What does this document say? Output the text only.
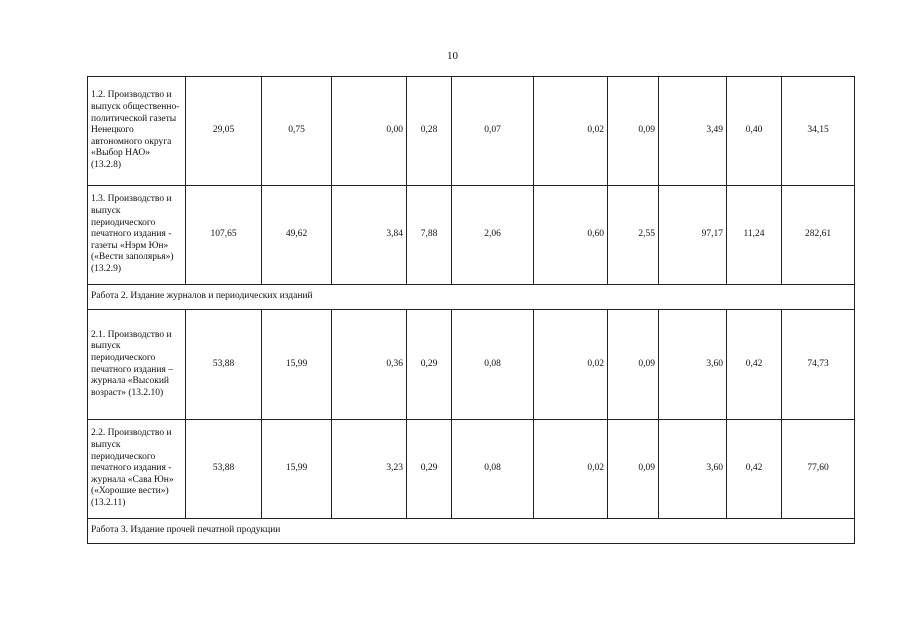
10
1.2. Производство и выпуск общественно-политической газеты Ненецкого автономного округа «Выбор НАО» (13.2.8)	29,05	0,75	0,00	0,28	0,07	0,02	0,09	3,49	0,40	34,15
1.3. Производство и выпуск периодического печатного издания - газеты «Нэрм Юн» («Вести заполярья») (13.2.9)	107,65	49,62	3,84	7,88	2,06	0,60	2,55	97,17	11,24	282,61
Работа 2. Издание журналов и периодических изданий										
2.1. Производство и выпуск периодического печатного издания – журнала «Высокий возраст» (13.2.10)	53,88	15,99	0,36	0,29	0,08	0,02	0,09	3,60	0,42	74,73
2.2. Производство и выпуск периодического печатного издания - журнала «Сава Юн» («Хорошие вести») (13.2.11)	53,88	15,99	3,23	0,29	0,08	0,02	0,09	3,60	0,42	77,60
Работа 3. Издание прочей печатной продукции										
